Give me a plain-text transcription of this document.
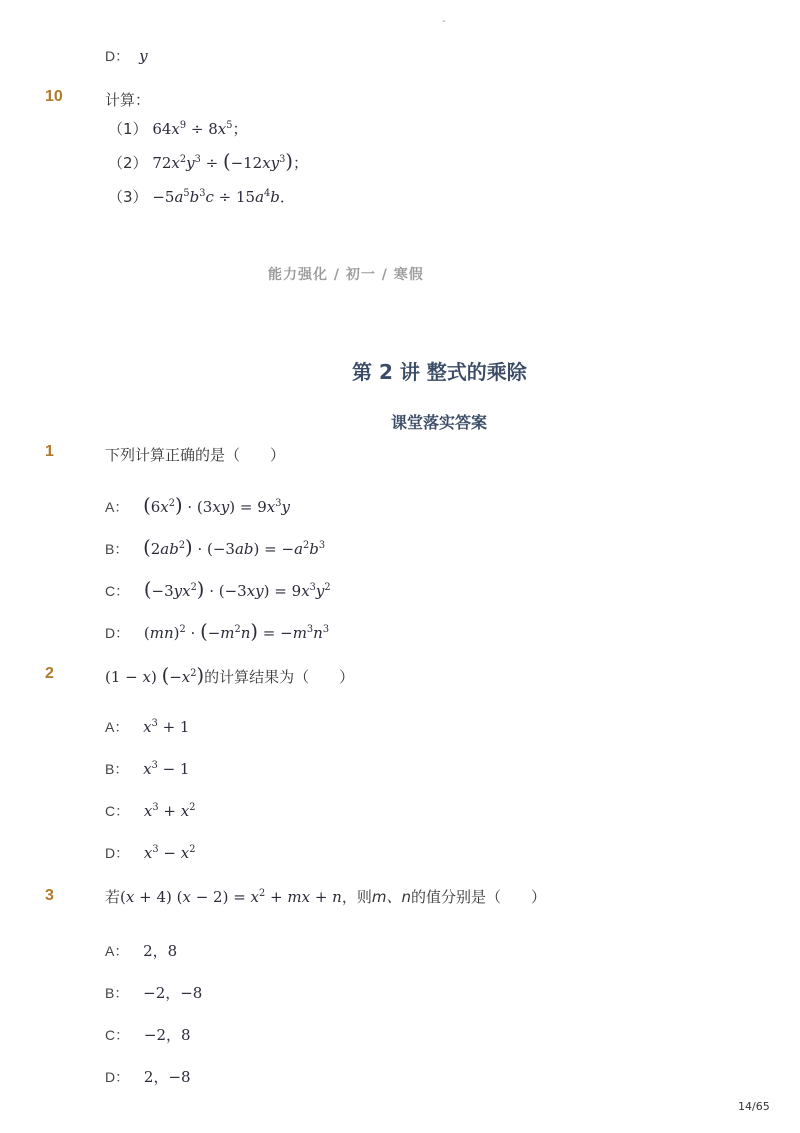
-
D： y
10	计算：
（1） $64x^9 \div 8x^5$；
（2） $72x^2y^3 \div (-12xy^3)$；
$(3) -5a^5b^3c \div 15a^4b$．
能力强化 / 初一 / 寒假
第 2 讲 整式的乘除
课堂落实答案
1	下列计算正确的是（　　）
A： $(6x^2) \cdot (3xy) = 9x^3y$
B： $(2ab^2) \cdot (-3ab) = -a^2b^3$
C： $(-3yx^2) \cdot (-3xy) = 9x^3y^2$
D： $(mn)^2 \cdot (-m^2n) = -m^3n^3$
2	(1 − x) $(-x^2)$的计算结果为（　　）
A： $x^3 + 1$
B： $x^3 - 1$
C： $x^3 + x^2$
D： $x^3 - x^2$
3	若(x + 4) $(x - 2) = x^2$ + mx + n，则m、n的值分别是（　　）
A： 2，8
B： −2，−8
C： −2，8
D： 2，−8
14/65
